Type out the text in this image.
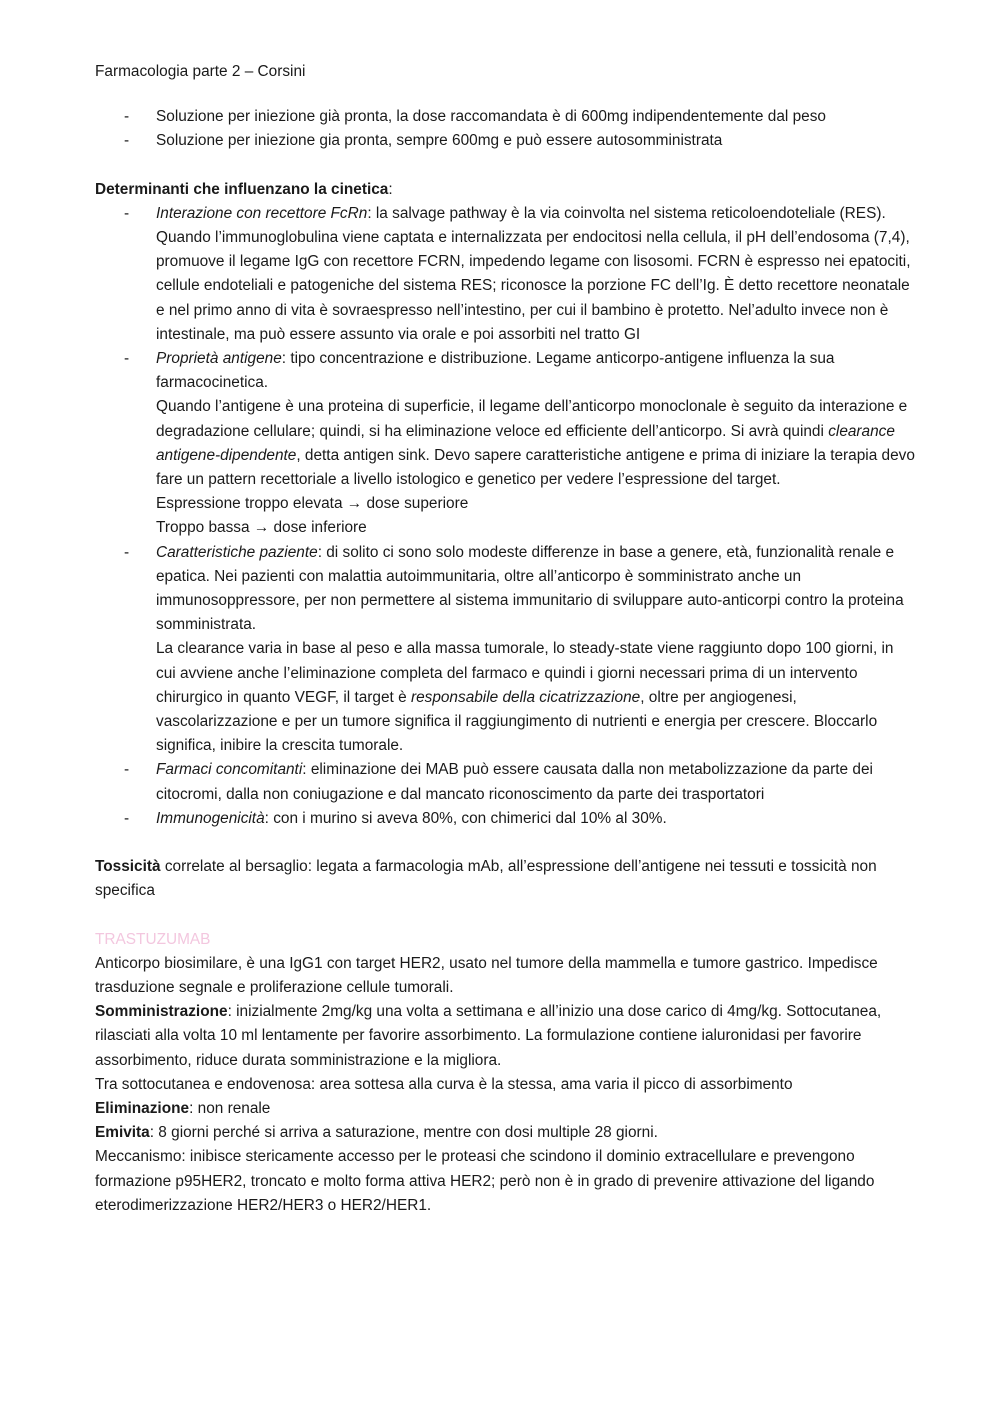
Farmacologia parte 2 – Corsini

- Soluzione per iniezione già pronta, la dose raccomandata è di 600mg indipendentemente dal peso
- Soluzione per iniezione gia pronta, sempre 600mg e può essere autosomministrata

Determinanti che influenzano la cinetica:

- Interazione con recettore FcRn: la salvage pathway è la via coinvolta nel sistema reticoloendoteliale (RES). Quando l’immunoglobulina viene captata e internalizzata per endocitosi nella cellula, il pH dell’endosoma (7,4), promuove il legame IgG con recettore FCRN, impedendo legame con lisosomi. FCRN è espresso nei epatociti, cellule endoteliali e patogeniche del sistema RES; riconosce la porzione FC dell’Ig. È detto recettore neonatale e nel primo anno di vita è sovraespresso nell’intestino, per cui il bambino è protetto. Nel’adulto invece non è intestinale, ma può essere assunto via orale e poi assorbiti nel tratto GI
- Proprietà antigene: tipo concentrazione e distribuzione. Legame anticorpo-antigene influenza la sua farmacocinetica.

Quando l’antigene è una proteina di superficie, il legame dell’anticorpo monoclonale è seguito da interazione e degradazione cellulare; quindi, si ha eliminazione veloce ed efficiente dell’anticorpo. Si avrà quindi clearance antigene-dipendente, detta antigen sink. Devo sapere caratteristiche antigene e prima di iniziare la terapia devo fare un pattern recettoriale a livello istologico e genetico per vedere l’espressione del target.

Espressione troppo elevata → dose superiore

Troppo bassa → dose inferiore

- Caratteristiche paziente: di solito ci sono solo modeste differenze in base a genere, età, funzionalità renale e epatica. Nei pazienti con malattia autoimmunitaria, oltre all’anticorpo è somministrato anche un immunosoppressore, per non permettere al sistema immunitario di sviluppare auto-anticorpi contro la proteina somministrata.

La clearance varia in base al peso e alla massa tumorale, lo steady-state viene raggiunto dopo 100 giorni, in cui avviene anche l’eliminazione completa del farmaco e quindi i giorni necessari prima di un intervento chirurgico in quanto VEGF, il target è responsabile della cicatrizzazione, oltre per angiogenesi, vascolarizzazione e per un tumore significa il raggiungimento di nutrienti e energia per crescere. Bloccarlo significa, inibire la crescita tumorale.

- Farmaci concomitanti: eliminazione dei MAB può essere causata dalla non metabolizzazione da parte dei citocromi, dalla non coniugazione e dal mancato riconoscimento da parte dei trasportatori
- Immunogenicità: con i murino si aveva 80%, con chimerici dal 10% al 30%.

Tossicità correlate al bersaglio: legata a farmacologia mAb, all’espressione dell’antigene nei tessuti e tossicità non specifica

TRASTUZUMAB

Anticorpo biosimilare, è una IgG1 con target HER2, usato nel tumore della mammella e tumore gastrico. Impedisce trasduzione segnale e proliferazione cellule tumorali.

Somministrazione: inizialmente 2mg/kg una volta a settimana e all’inizio una dose carico di 4mg/kg. Sottocutanea, rilasciati alla volta 10 ml lentamente per favorire assorbimento. La formulazione contiene ialuronidasi per favorire assorbimento, riduce durata somministrazione e la migliora.

Tra sottocutanea e endovenosa: area sottesa alla curva è la stessa, ama varia il picco di assorbimento

Eliminazione: non renale

Emivita: 8 giorni perché si arriva a saturazione, mentre con dosi multiple 28 giorni.

Meccanismo: inibisce stericamente accesso per le proteasi che scindono il dominio extracellulare e prevengono formazione p95HER2, troncato e molto forma attiva HER2; però non è in grado di prevenire attivazione del ligando eterodimerizzazione HER2/HER3 o HER2/HER1.
